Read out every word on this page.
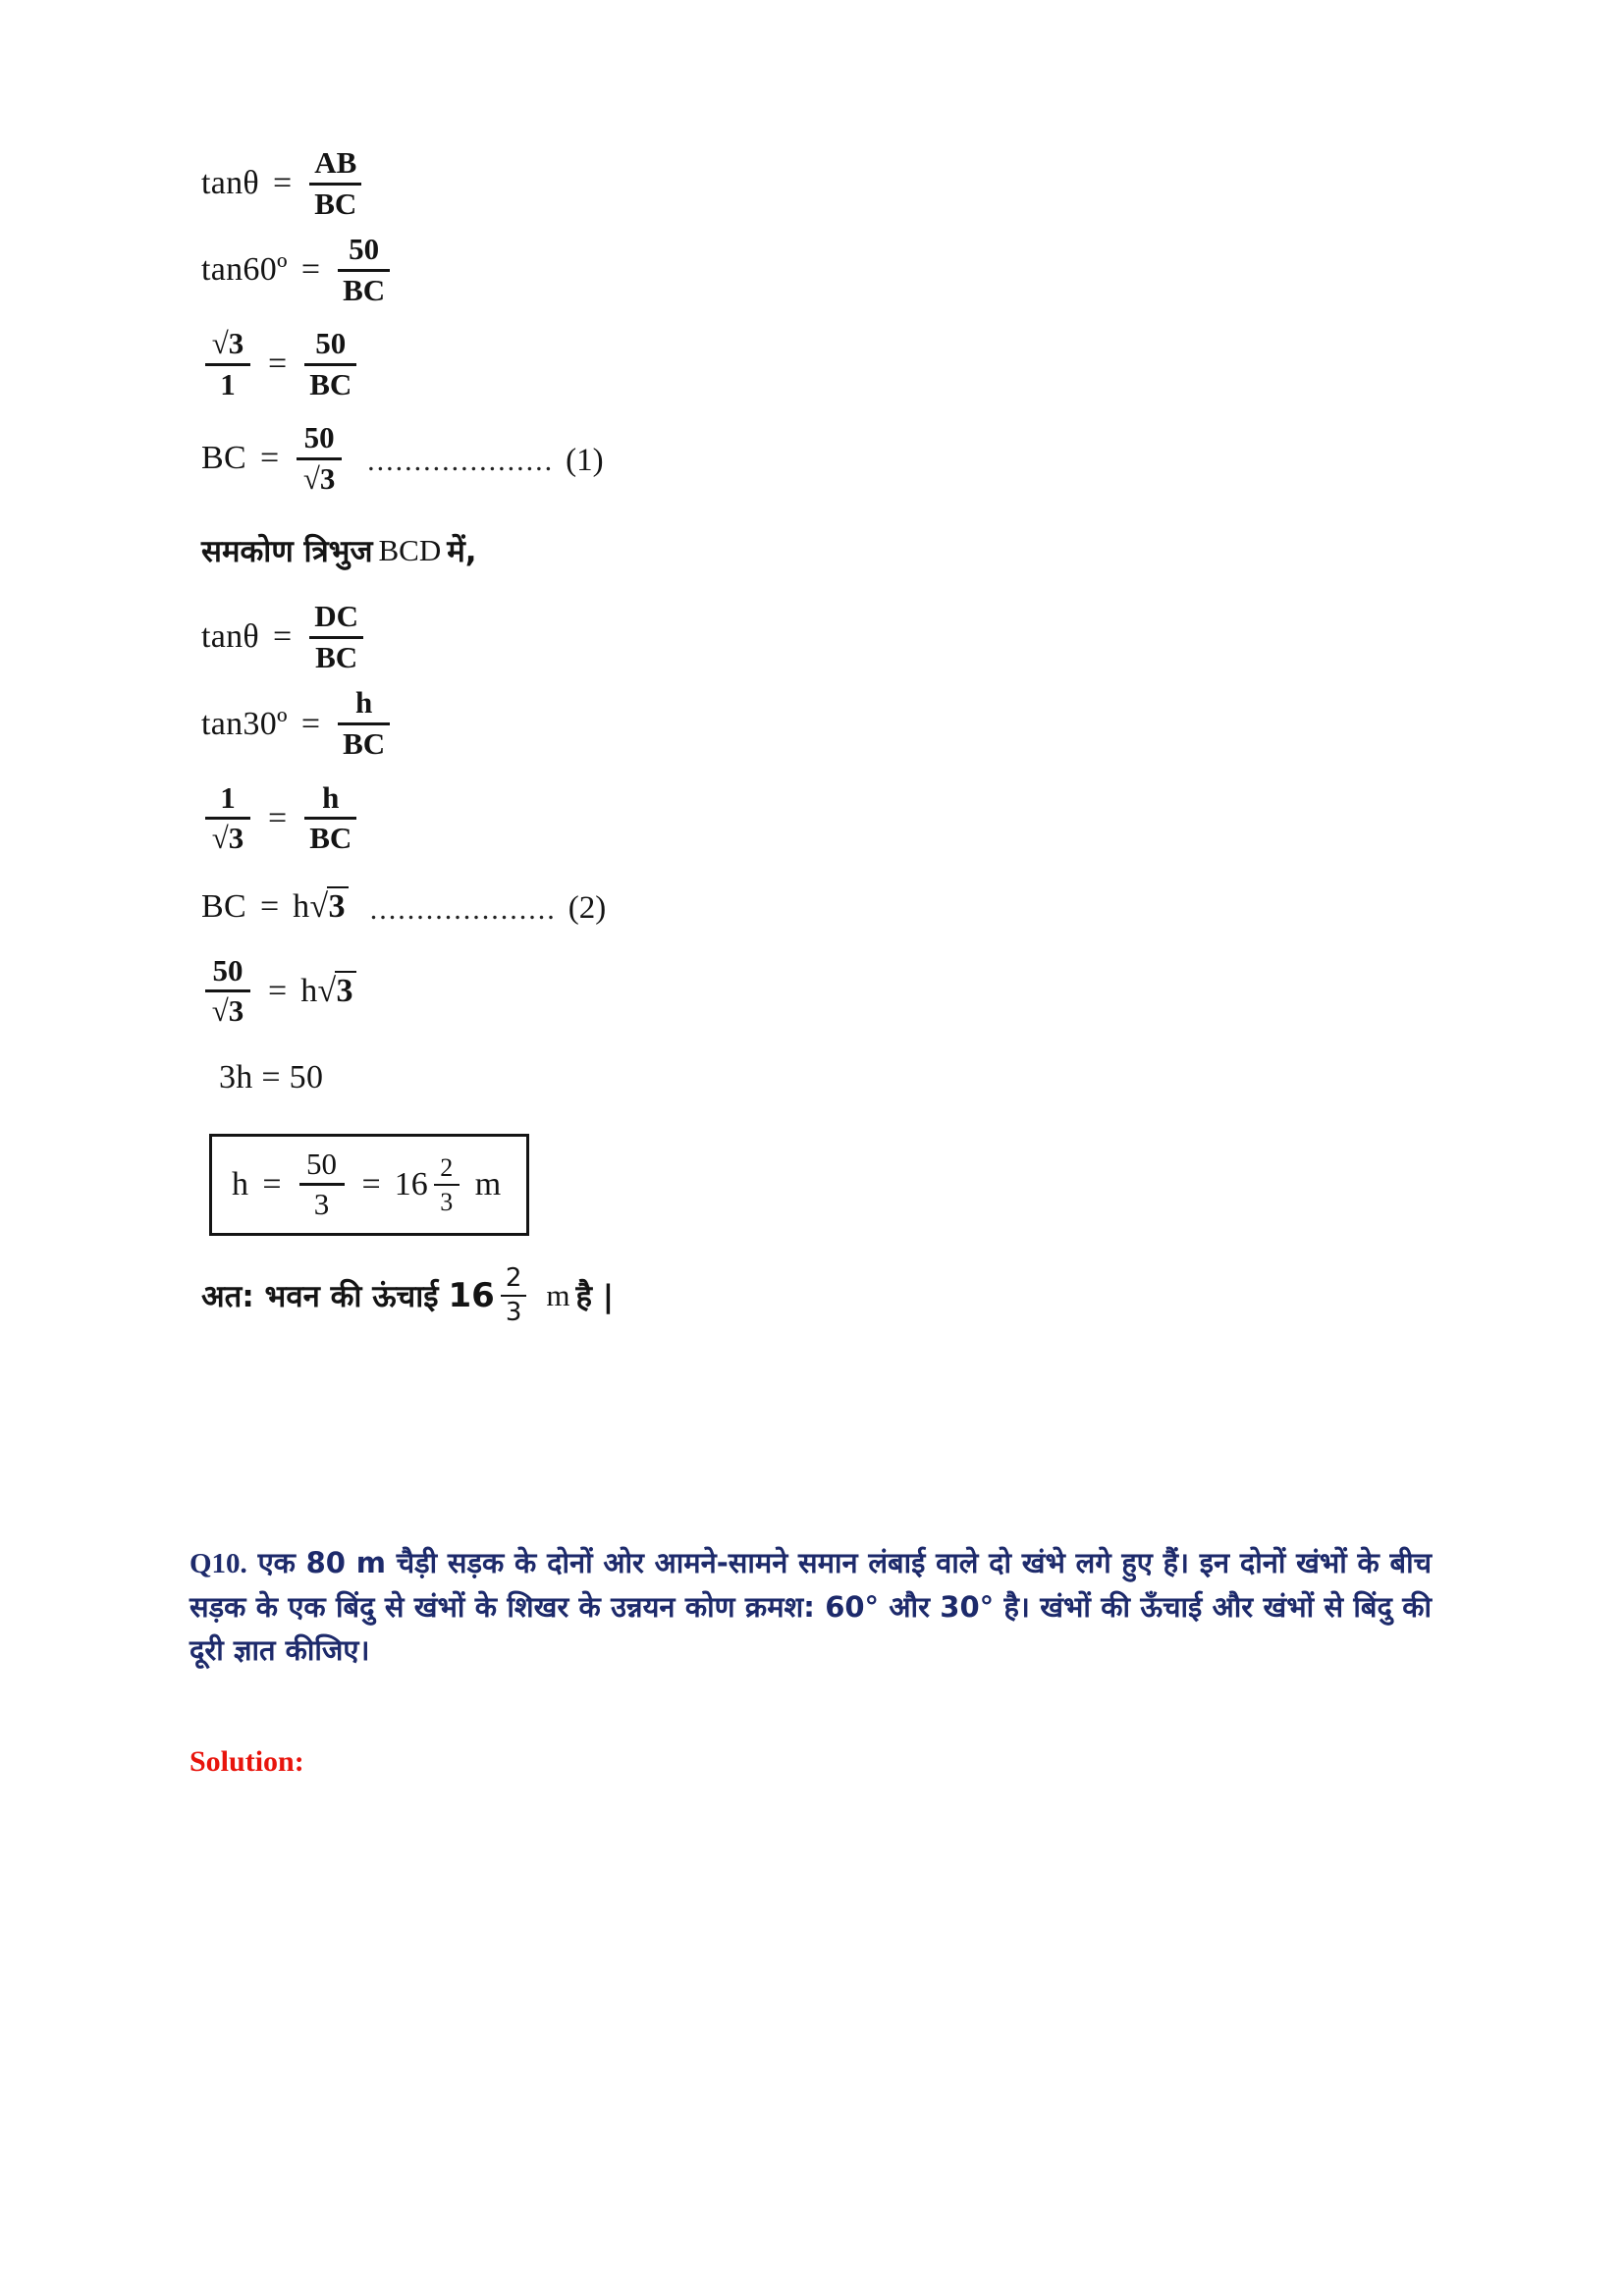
$\tan\theta = \frac{AB}{BC}$
tan60º = $\frac{50}{BC}$
$\frac{√3}{1} = \frac{50}{BC}$
BC = $\frac{50}{√3}$ .................... (1)
समकोण त्रिभुज BCD में,
$\tan\theta = \frac{DC}{BC}$
tan30º = $\frac{h}{BC}$
$\frac{1}{√3} = \frac{h}{BC}$
BC = h √3 .................... (2)
$\frac{50}{√3} = h$ √3
3h = 50
$h = \frac{50}{3} = 16 \frac{2}{3}$ m
अत: भवन की ऊंचाई $16 \frac{2}{3}$ m है |
Q10. एक 80 m चैड़ी सड़क के दोनों ओर आमने-सामने समान लंबाई वाले दो खंभे लगे हुए हैं। इन दोनों खंभों के बीच सड़क के एक बिंदु से खंभों के शिखर के उन्नयन कोण क्रमश: 60° और 30° है। खंभों की ऊँचाई और खंभों से बिंदु की दूरी ज्ञात कीजिए।
Solution:
